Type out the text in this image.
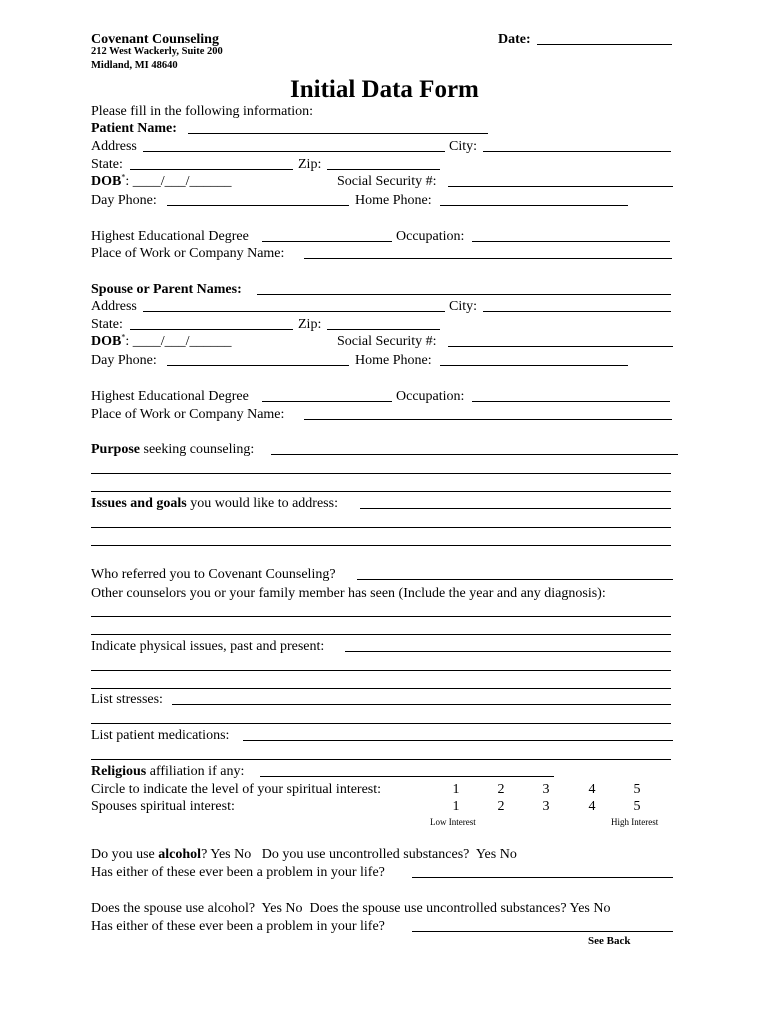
Covenant Counseling
212 West Wackerly, Suite 200
Midland, MI 48640
Date:
Initial Data Form
Please fill in the following information:
Patient Name:
Address	City:
State:	Zip:
DOB*: ____/___/______	Social Security #:
Day Phone:	Home Phone:
Highest Educational Degree	Occupation:
Place of Work or Company Name:
Spouse or Parent Names:
Address	City:
State:	Zip:
DOB*: ____/___/______	Social Security #:
Day Phone:	Home Phone:
Highest Educational Degree	Occupation:
Place of Work or Company Name:
Purpose seeking counseling:
Issues and goals you would like to address:
Who referred you to Covenant Counseling?
Other counselors you or your family member has seen (Include the year and any diagnosis):
Indicate physical issues, past and present:
List stresses:
List patient medications:
Religious affiliation if any:
Circle to indicate the level of your spiritual interest:	1	2	3	4	5
Spouses spiritual interest:	1	2	3	4	5
Low Interest	High Interest
Do you use alcohol? Yes No   Do you use uncontrolled substances?  Yes No
Has either of these ever been a problem in your life?
Does the spouse use alcohol?  Yes No  Does the spouse use uncontrolled substances? Yes No
Has either of these ever been a problem in your life?
See Back
